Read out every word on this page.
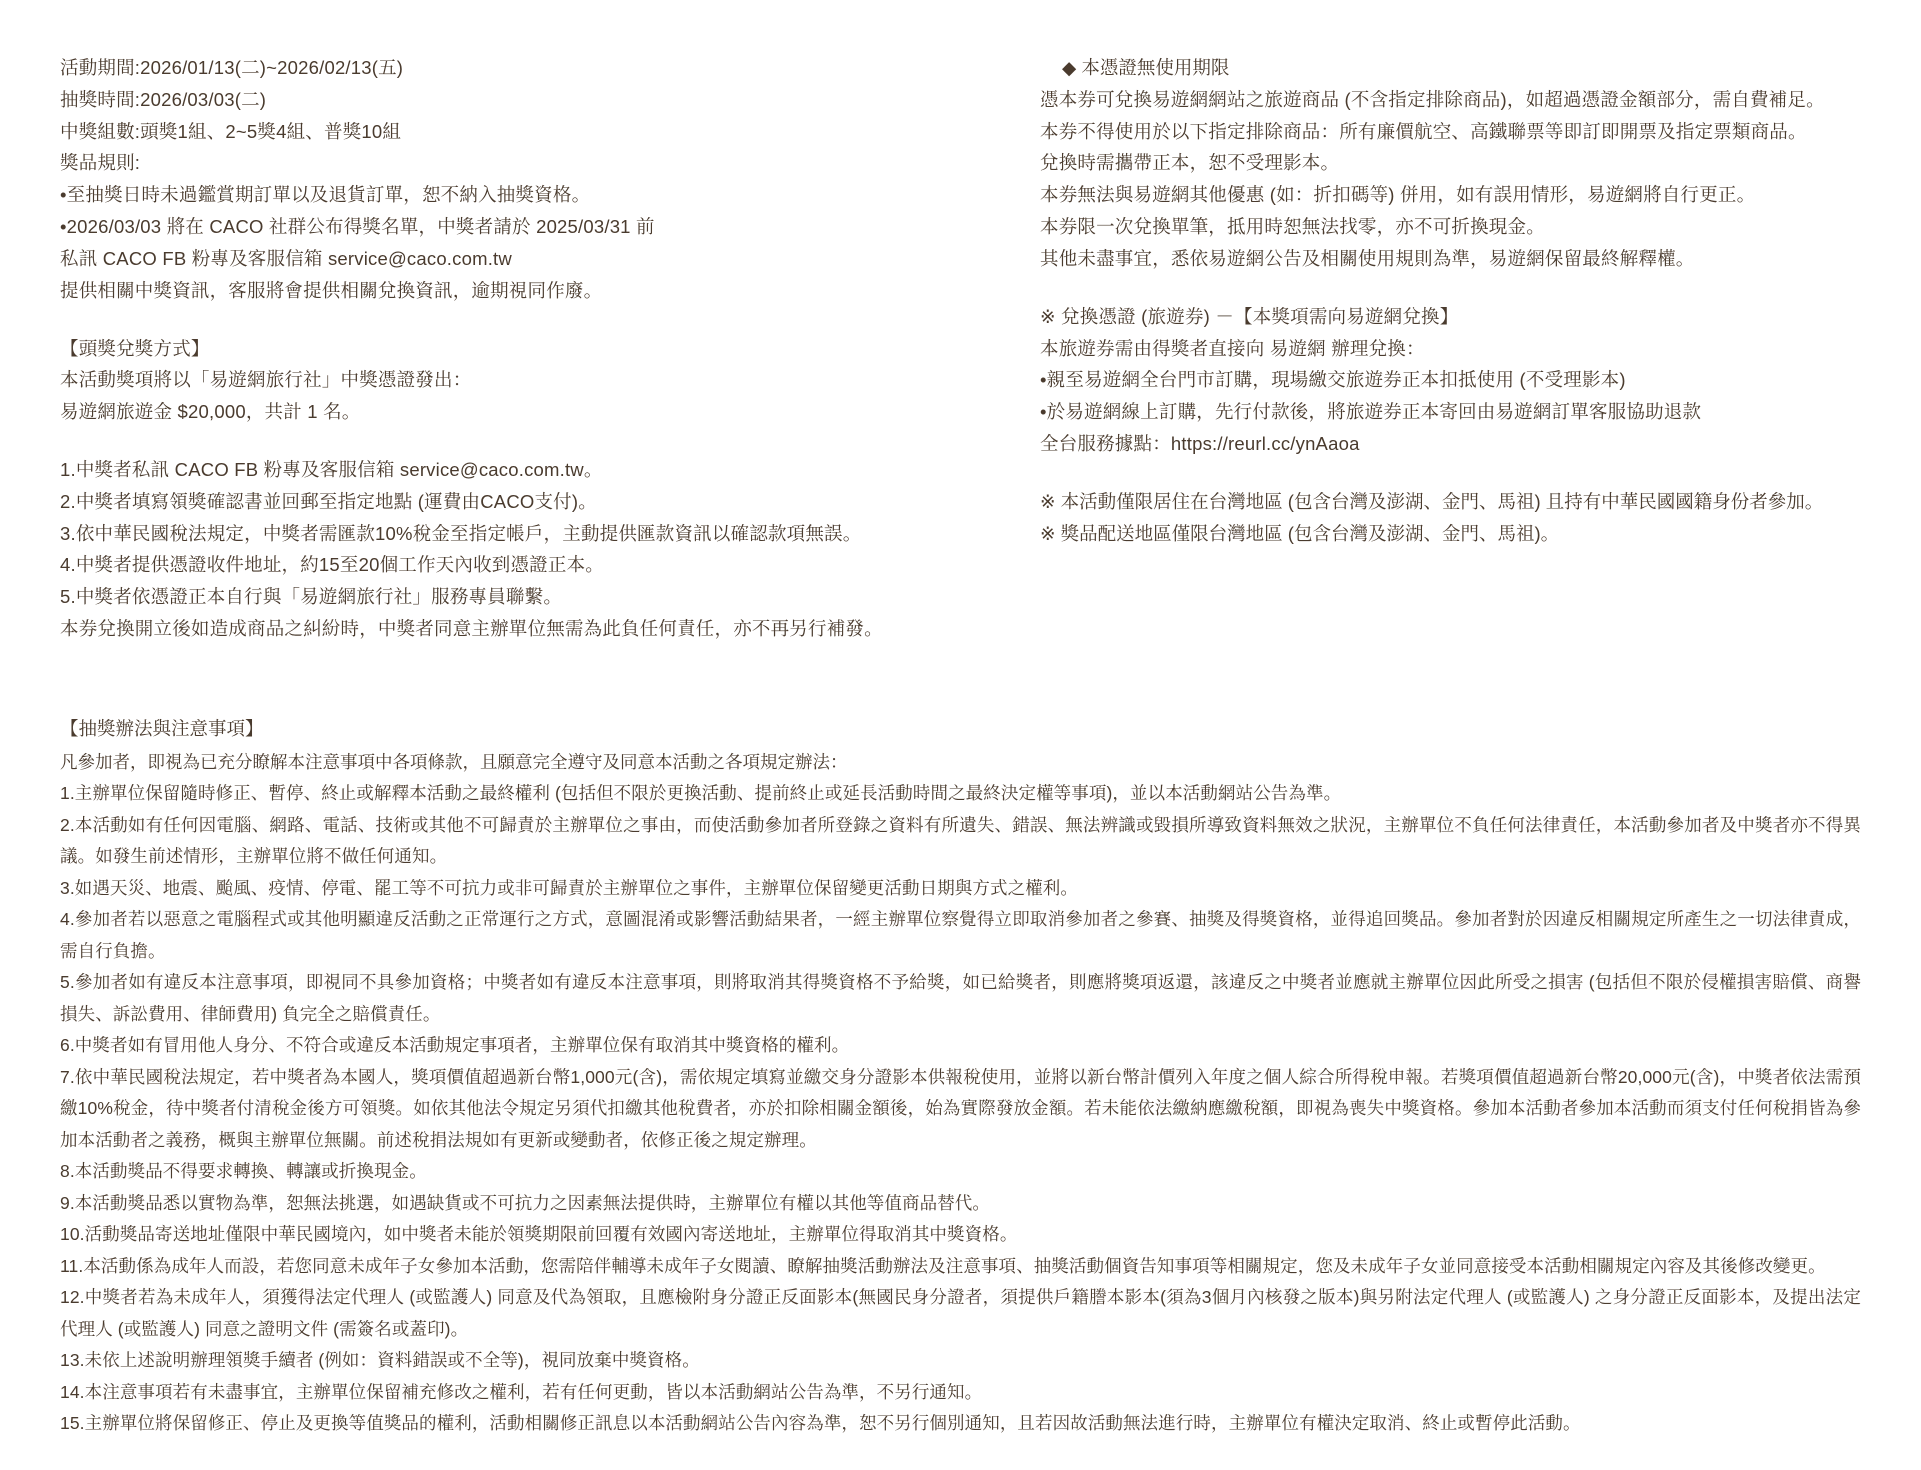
活動期間:2026/01/13(二)~2026/02/13(五)
抽獎時間:2026/03/03(二)
中獎組數:頭獎1組、2~5獎4組、普獎10組
獎品規則:
•至抽獎日時未過鑑賞期訂單以及退貨訂單，恕不納入抽獎資格。
•2026/03/03 將在 CACO 社群公布得獎名單，中獎者請於 2025/03/31 前
私訊 CACO FB 粉專及客服信箱 service@caco.com.tw
提供相關中獎資訊，客服將會提供相關兌換資訊，逾期視同作廢。
【頭獎兌獎方式】
本活動獎項將以「易遊網旅行社」中獎憑證發出：
易遊網旅遊金 $20,000，共計 1 名。
1.中獎者私訊 CACO FB 粉專及客服信箱 service@caco.com.tw。
2.中獎者填寫領獎確認書並回郵至指定地點 (運費由CACO支付)。
3.依中華民國稅法規定，中獎者需匯款10%稅金至指定帳戶，主動提供匯款資訊以確認款項無誤。
4.中獎者提供憑證收件地址，約15至20個工作天內收到憑證正本。
5.中獎者依憑證正本自行與「易遊網旅行社」服務專員聯繫。
本券兌換開立後如造成商品之糾紛時，中獎者同意主辦單位無需為此負任何責任，亦不再另行補發。
◆ 本憑證無使用期限
憑本券可兌換易遊網網站之旅遊商品 (不含指定排除商品)，如超過憑證金額部分，需自費補足。
本券不得使用於以下指定排除商品：所有廉價航空、高鐵聯票等即訂即開票及指定票類商品。
兌換時需攜帶正本，恕不受理影本。
本券無法與易遊網其他優惠 (如：折扣碼等) 併用，如有誤用情形，易遊網將自行更正。
本券限一次兌換單筆，抵用時恕無法找零，亦不可折換現金。
其他未盡事宜，悉依易遊網公告及相關使用規則為準，易遊網保留最終解釋權。
※ 兌換憑證 (旅遊券) －【本獎項需向易遊網兌換】
本旅遊券需由得獎者直接向 易遊網 辦理兌換：
•親至易遊網全台門市訂購，現場繳交旅遊券正本扣抵使用 (不受理影本)
•於易遊網線上訂購，先行付款後，將旅遊券正本寄回由易遊網訂單客服協助退款
全台服務據點：https://reurl.cc/ynAaoa
※ 本活動僅限居住在台灣地區 (包含台灣及澎湖、金門、馬祖) 且持有中華民國國籍身份者參加。
※ 獎品配送地區僅限台灣地區 (包含台灣及澎湖、金門、馬祖)。
【抽獎辦法與注意事項】
凡參加者，即視為已充分瞭解本注意事項中各項條款，且願意完全遵守及同意本活動之各項規定辦法：
1.主辦單位保留隨時修正、暫停、終止或解釋本活動之最終權利 (包括但不限於更換活動、提前終止或延長活動時間之最終決定權等事項)，並以本活動網站公告為準。
2.本活動如有任何因電腦、網路、電話、技術或其他不可歸責於主辦單位之事由，而使活動參加者所登錄之資料有所遺失、錯誤、無法辨識或毀損所導致資料無效之狀況，主辦單位不負任何法律責任，本活動參加者及中獎者亦不得異議。如發生前述情形，主辦單位將不做任何通知。
3.如遇天災、地震、颱風、疫情、停電、罷工等不可抗力或非可歸責於主辦單位之事件，主辦單位保留變更活動日期與方式之權利。
4.參加者若以惡意之電腦程式或其他明顯違反活動之正常運行之方式，意圖混淆或影響活動結果者，一經主辦單位察覺得立即取消參加者之參賽、抽獎及得獎資格，並得追回獎品。參加者對於因違反相關規定所產生之一切法律責成，需自行負擔。
5.參加者如有違反本注意事項，即視同不具參加資格；中獎者如有違反本注意事項，則將取消其得獎資格不予給獎，如已給獎者，則應將獎項返還，該違反之中獎者並應就主辦單位因此所受之損害 (包括但不限於侵權損害賠償、商譽損失、訴訟費用、律師費用) 負完全之賠償責任。
6.中獎者如有冒用他人身分、不符合或違反本活動規定事項者，主辦單位保有取消其中獎資格的權利。
7.依中華民國稅法規定，若中獎者為本國人，獎項價值超過新台幣1,000元(含)，需依規定填寫並繳交身分證影本供報稅使用，並將以新台幣計價列入年度之個人綜合所得稅申報。若獎項價值超過新台幣20,000元(含)，中獎者依法需預繳10%稅金，待中獎者付清稅金後方可領獎。如依其他法令規定另須代扣繳其他稅費者，亦於扣除相關金額後，始為實際發放金額。若未能依法繳納應繳稅額，即視為喪失中獎資格。參加本活動者參加本活動而須支付任何稅捐皆為參加本活動者之義務，概與主辦單位無關。前述稅捐法規如有更新或變動者，依修正後之規定辦理。
8.本活動獎品不得要求轉換、轉讓或折換現金。
9.本活動獎品悉以實物為準，恕無法挑選，如遇缺貨或不可抗力之因素無法提供時，主辦單位有權以其他等值商品替代。
10.活動獎品寄送地址僅限中華民國境內，如中獎者未能於領獎期限前回覆有效國內寄送地址，主辦單位得取消其中獎資格。
11.本活動係為成年人而設，若您同意未成年子女參加本活動，您需陪伴輔導未成年子女閱讀、瞭解抽獎活動辦法及注意事項、抽獎活動個資告知事項等相關規定，您及未成年子女並同意接受本活動相關規定內容及其後修改變更。
12.中獎者若為未成年人，須獲得法定代理人 (或監護人) 同意及代為領取，且應檢附身分證正反面影本(無國民身分證者，須提供戶籍謄本影本(須為3個月內核發之版本)與另附法定代理人 (或監護人) 之身分證正反面影本，及提出法定代理人 (或監護人) 同意之證明文件 (需簽名或蓋印)。
13.未依上述說明辦理領獎手續者 (例如：資料錯誤或不全等)，視同放棄中獎資格。
14.本注意事項若有未盡事宜，主辦單位保留補充修改之權利，若有任何更動，皆以本活動網站公告為準，不另行通知。
15.主辦單位將保留修正、停止及更換等值獎品的權利，活動相關修正訊息以本活動網站公告內容為準，恕不另行個別通知，且若因故活動無法進行時，主辦單位有權決定取消、終止或暫停此活動。
